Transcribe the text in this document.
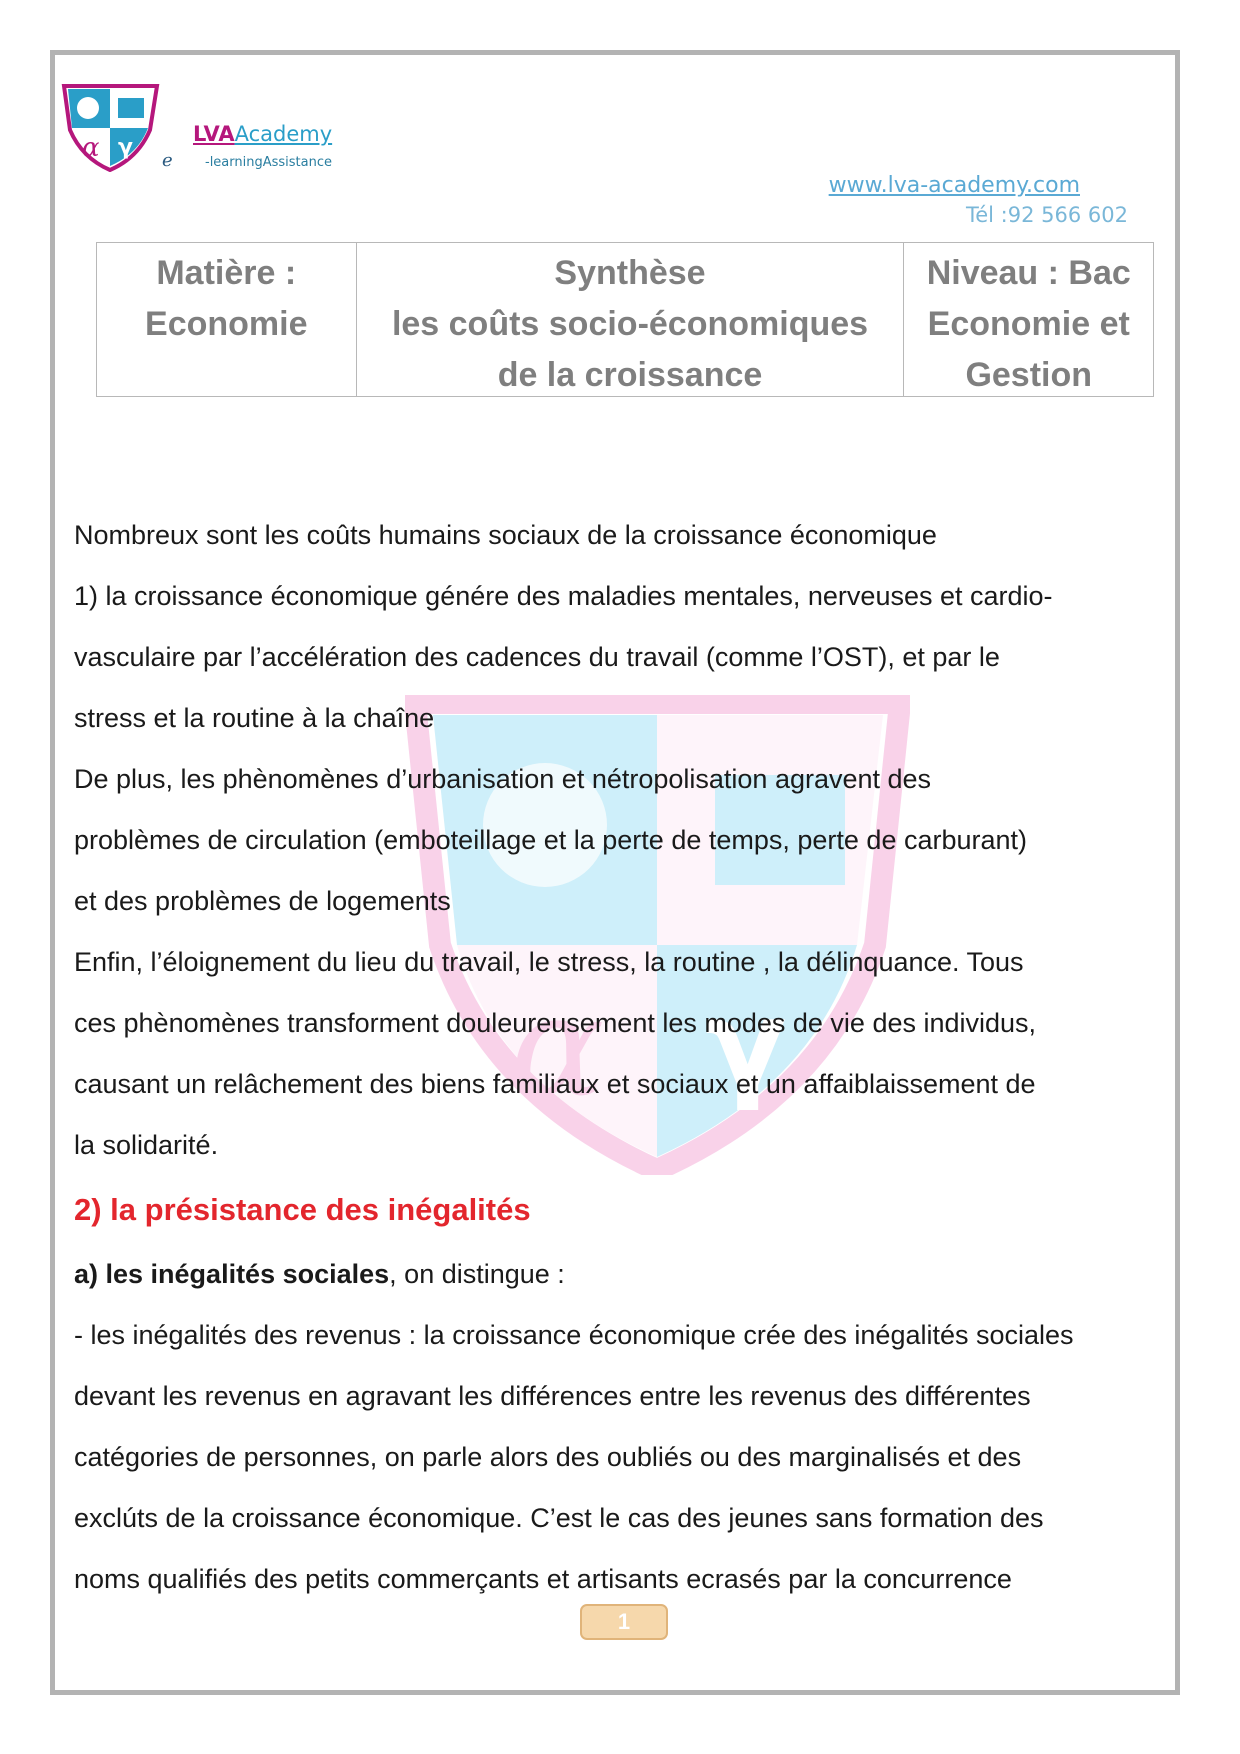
α γ
e
LVAAcademy
-learningAssistance
www.lva-academy.com
Tél :92 566 602
Matière :
Economie
Synthèse
les coûts socio-économiques
de la croissance
Niveau : Bac
Economie et
Gestion
α γ
Nombreux sont les coûts humains sociaux de la croissance économique
1) la croissance économique génére des maladies mentales, nerveuses et cardio-
vasculaire par l’accélération des cadences du travail (comme l’OST), et par le
stress et la routine à la chaîne
De plus, les phènomènes d’urbanisation et nétropolisation agravent des
problèmes de circulation (emboteillage et la perte de temps, perte de carburant)
et des problèmes de logements
Enfin, l’éloignement du lieu du travail, le stress, la routine , la délinquance. Tous
ces phènomènes transforment douleureusement les modes de vie des individus,
causant un relâchement des biens familiaux et sociaux et un affaiblaissement de
la solidarité.
2) la présistance des inégalités
a) les inégalités sociales, on distingue :
- les inégalités des revenus : la croissance économique crée des inégalités sociales
devant les revenus en agravant les différences entre les revenus des différentes
catégories de personnes, on parle alors des oubliés ou des marginalisés et des
exclúts de la croissance économique. C’est le cas des jeunes sans formation des
noms qualifiés des petits commerçants et artisants ecrasés par la concurrence
1
